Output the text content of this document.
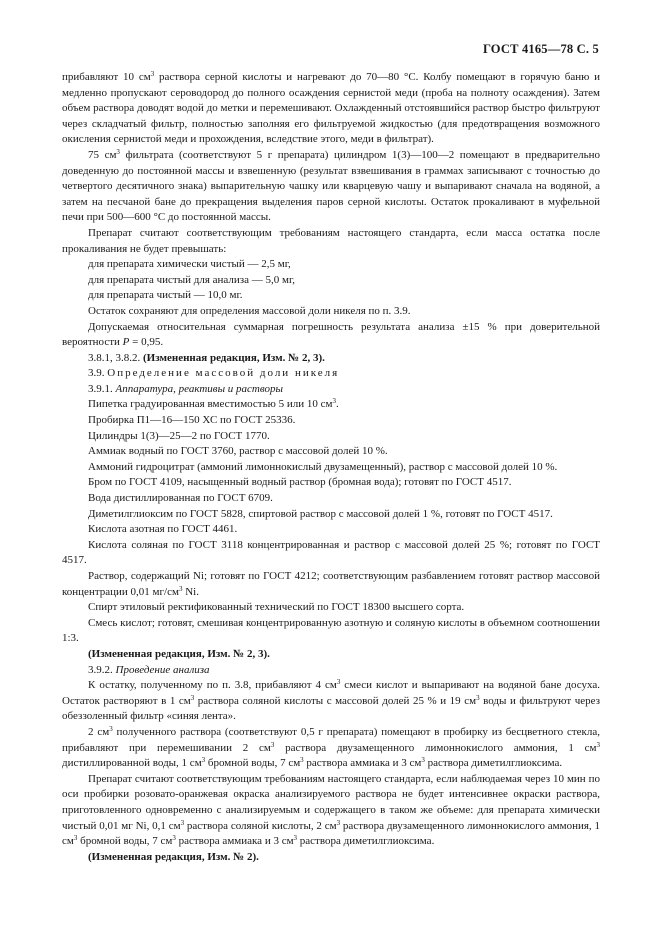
ГОСТ 4165—78 С. 5

прибавляют 10 $см^3$ раствора серной кислоты и нагревают до 70—80 °С. Колбу помещают в горячую баню и медленно пропускают сероводород до полного осаждения сернистой меди (проба на полноту осаждения). Затем объем раствора доводят водой до метки и перемешивают. Охлажденный отстоявшийся раствор быстро фильтруют через складчатый фильтр, полностью заполняя его фильтруемой жидкостью (для предотвращения возможного окисления сернистой меди и прохождения, вследствие этого, меди в фильтрат).

75 $см^3$ фильтрата (соответствуют 5 г препарата) цилиндром 1(3)—100—2 помещают в предварительно доведенную до постоянной массы и взвешенную (результат взвешивания в граммах записывают с точностью до четвертого десятичного знака) выпарительную чашку или кварцевую чашу и выпаривают сначала на водяной, а затем на песчаной бане до прекращения выделения паров серной кислоты. Остаток прокаливают в муфельной печи при 500—600 °С до постоянной массы.

Препарат считают соответствующим требованиям настоящего стандарта, если масса остатка после прокаливания не будет превышать:

для препарата химически чистый — 2,5 мг,

для препарата чистый для анализа — 5,0 мг,

для препарата чистый — 10,0 мг.

Остаток сохраняют для определения массовой доли никеля по п. 3.9.

Допускаемая относительная суммарная погрешность результата анализа ±15 % при доверительной вероятности P = 0,95.

3.8.1, 3.8.2. (Измененная редакция, Изм. № 2, 3).

3.9. Определение массовой доли никеля

3.9.1. Аппаратура, реактивы и растворы

Пипетка градуированная вместимостью 5 или 10 $см^3$.

Пробирка П1—16—150 ХС по ГОСТ 25336.

Цилиндры 1(3)—25—2 по ГОСТ 1770.

Аммиак водный по ГОСТ 3760, раствор с массовой долей 10 %.

Аммоний гидроцитрат (аммоний лимоннокислый двузамещенный), раствор с массовой долей 10 %.

Бром по ГОСТ 4109, насыщенный водный раствор (бромная вода); готовят по ГОСТ 4517.

Вода дистиллированная по ГОСТ 6709.

Диметилглиоксим по ГОСТ 5828, спиртовой раствор с массовой долей 1 %, готовят по ГОСТ 4517.

Кислота азотная по ГОСТ 4461.

Кислота соляная по ГОСТ 3118 концентрированная и раствор с массовой долей 25 %; готовят по ГОСТ 4517.

Раствор, содержащий Ni; готовят по ГОСТ 4212; соответствующим разбавлением готовят раствор массовой концентрации 0,01 $мг/см^3$ Ni.

Спирт этиловый ректификованный технический по ГОСТ 18300 высшего сорта.

Смесь кислот; готовят, смешивая концентрированную азотную и соляную кислоты в объемном соотношении 1:3.

(Измененная редакция, Изм. № 2, 3).

3.9.2. Проведение анализа

К остатку, полученному по п. 3.8, прибавляют 4 $см^3$ смеси кислот и выпаривают на водяной бане досуха. Остаток растворяют в 1 $см^3$ раствора соляной кислоты с массовой долей 25 % и 19 $см^3$ воды и фильтруют через обеззоленный фильтр «синяя лента».

2 $см^3$ полученного раствора (соответствуют 0,5 г препарата) помещают в пробирку из бесцветного стекла, прибавляют при перемешивании 2 $см^3$ раствора двузамещенного лимоннокислого аммония, 1 $см^3$ дистиллированной воды, 1 $см^3$ бромной воды, 7 $см^3$ раствора аммиака и 3 $см^3$ раствора диметилглиоксима.

Препарат считают соответствующим требованиям настоящего стандарта, если наблюдаемая через 10 мин по оси пробирки розовато-оранжевая окраска анализируемого раствора не будет интенсивнее окраски раствора, приготовленного одновременно с анализируемым и содержащего в таком же объеме: для препарата химически чистый 0,01 мг Ni, 0,1 $см^3$ раствора соляной кислоты, 2 $см^3$ раствора двузамещенного лимоннокислого аммония, 1 $см^3$ бромной воды, 7 $см^3$ раствора аммиака и 3 $см^3$ раствора диметилглиоксима.

(Измененная редакция, Изм. № 2).
